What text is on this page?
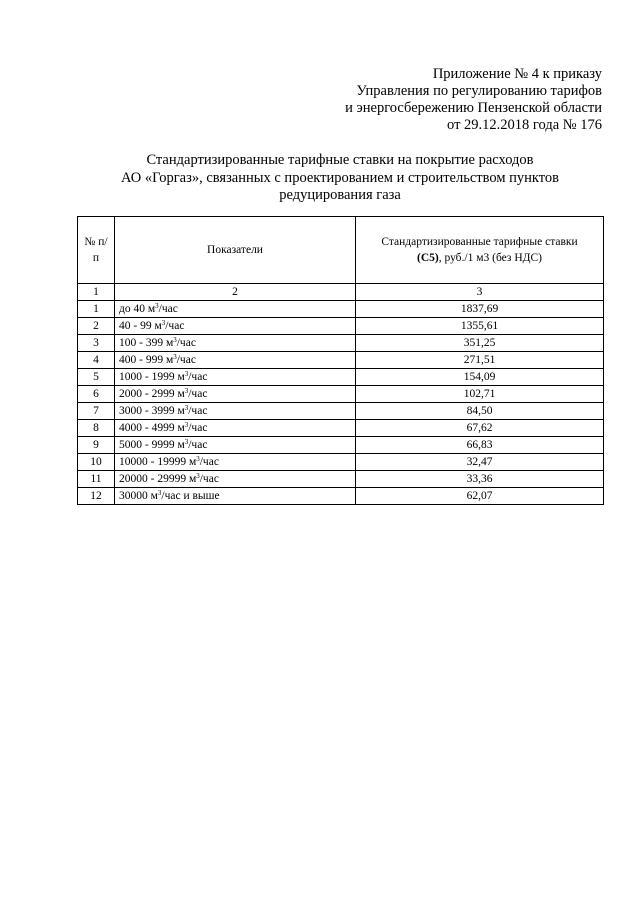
Приложение № 4 к приказу
Управления по регулированию тарифов
и энергосбережению Пензенской области
от 29.12.2018 года № 176
Стандартизированные тарифные ставки на покрытие расходов
АО «Горгаз», связанных с проектированием и строительством пунктов
редуцирования газа
№ п/п	Показатели	Стандартизированные тарифные ставки
(С5), руб./1 м3 (без НДС)
1	2	3
1	до 40 $м^3$/час	1837,69
2	40 - 99 $м^3$/час	1355,61
3	100 - 399 $м^3$/час	351,25
4	400 - 999 $м^3$/час	271,51
5	1000 - 1999 $м^3$/час	154,09
6	2000 - 2999 $м^3$/час	102,71
7	3000 - 3999 $м^3$/час	84,50
8	4000 - 4999 $м^3$/час	67,62
9	5000 - 9999 $м^3$/час	66,83
10	10000 - 19999 $м^3$/час	32,47
11	20000 - 29999 $м^3$/час	33,36
12	30000 $м^3$/час и выше	62,07
